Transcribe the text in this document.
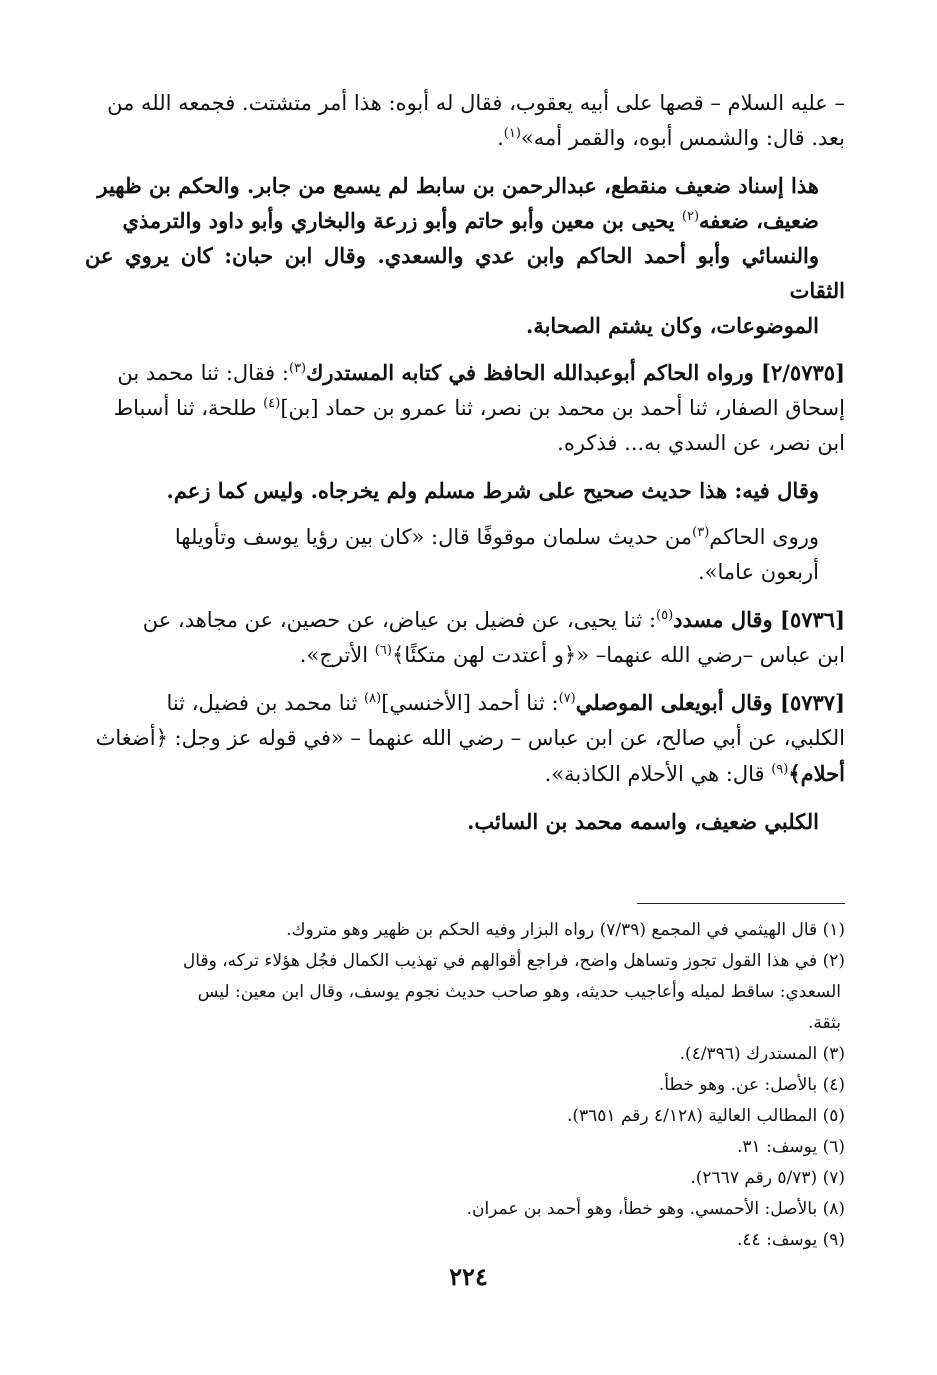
– عليه السلام – قصها على أبيه يعقوب، فقال له أبوه: هذا أمر متشتت. فجمعه الله من
بعد. قال: والشمس أبوه، والقمر أمه»$^{(١)}$.

هذا إسناد ضعيف منقطع، عبدالرحمن بن سابط لم يسمع من جابر. والحكم بن ظهير
ضعيف، ضعفه$^{(٢)}$ يحيى بن معين وأبو حاتم وأبو زرعة والبخاري وأبو داود والترمذي
والنسائي وأبو أحمد الحاكم وابن عدي والسعدي. وقال ابن حبان: كان يروي عن الثقات
الموضوعات، وكان يشتم الصحابة.

[٢/٥٧٣٥] ورواه الحاكم أبوعبدالله الحافظ في كتابه المستدرك$^{(٣)}$: فقال: ثنا محمد بن
إسحاق الصفار، ثنا أحمد بن محمد بن نصر، ثنا عمرو بن حماد [بن]$^{(٤)}$ طلحة، ثنا أسباط
ابن نصر، عن السدي به... فذكره.

وقال فيه: هذا حديث صحيح على شرط مسلم ولم يخرجاه. وليس كما زعم.

وروى الحاكم$^{(٣)}$من حديث سلمان موقوفًا قال: «كان بين رؤيا يوسف وتأويلها
أربعون عاما».

[٥٧٣٦] وقال مسدد$^{(٥)}$: ثنا يحيى، عن فضيل بن عياض، عن حصين، عن مجاهد، عن
ابن عباس –رضي الله عنهما– «﴿و أعتدت لهن متكئًا﴾$^{(٦)}$ الأترج».

[٥٧٣٧] وقال أبويعلى الموصلي$^{(٧)}$: ثنا أحمد [الأخنسي]$^{(٨)}$ ثنا محمد بن فضيل، ثنا
الكلبي، عن أبي صالح، عن ابن عباس – رضي الله عنهما – «في قوله عز وجل: ﴿أضغاث
أحلام﴾$^{(٩)}$ قال: هي الأحلام الكاذبة».

الكلبي ضعيف، واسمه محمد بن السائب.

(١) قال الهيثمي في المجمع (٧/٣٩) رواه البزار وفيه الحكم بن ظهير وهو متروك.
(٢) في هذا القول تجوز وتساهل واضح، فراجع أقوالهم في تهذيب الكمال فجُل هؤلاء تركه، وقال
السعدي: ساقط لميله وأعاجيب حديثه، وهو صاحب حديث نجوم يوسف، وقال ابن معين: ليس
بثقة.
(٣) المستدرك (٤/٣٩٦).
(٤) بالأصل: عن. وهو خطأ.
(٥) المطالب العالية (٤/١٢٨ رقم ٣٦٥١).
(٦) يوسف: ٣١.
(٧) (٥/٧٣ رقم ٢٦٦٧).
(٨) بالأصل: الأحمسي. وهو خطأ، وهو أحمد بن عمران.
(٩) يوسف: ٤٤.
٢٢٤
